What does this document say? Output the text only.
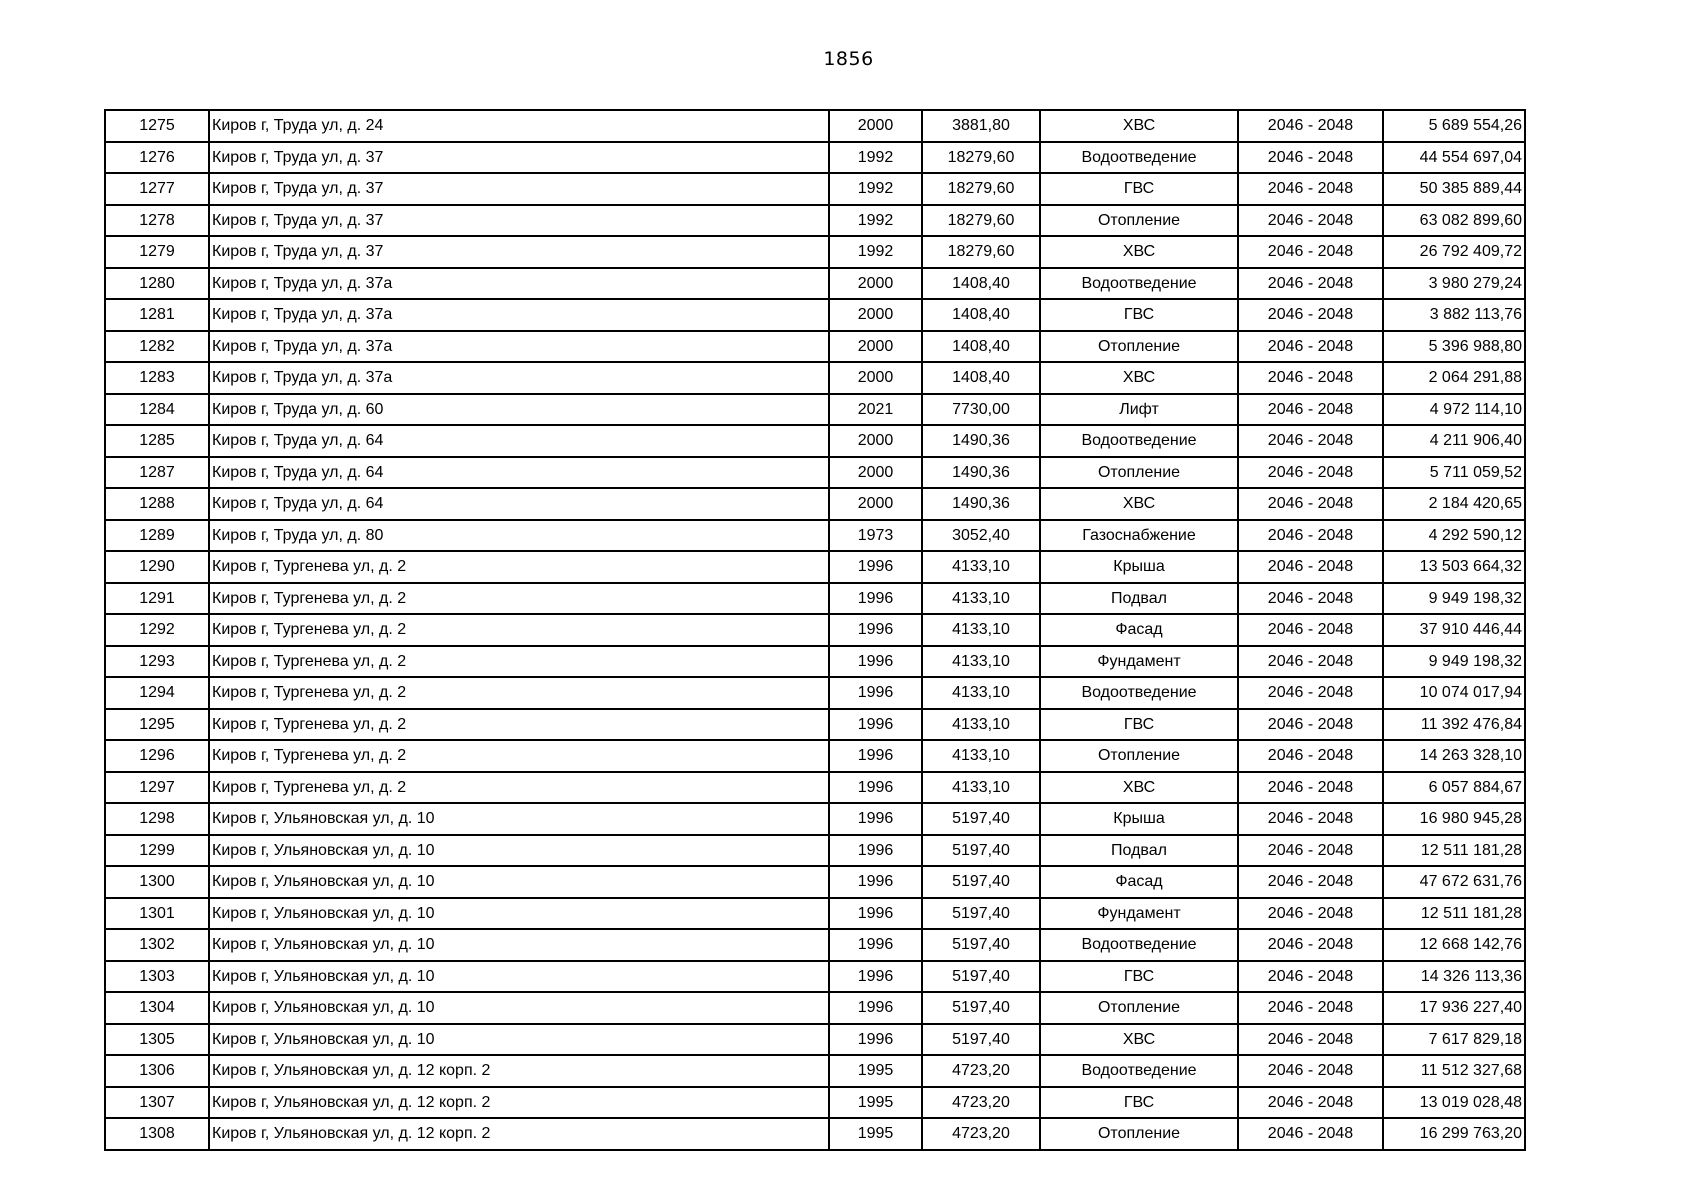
1856
1275	Киров г, Труда ул, д. 24	2000	3881,80	ХВС	2046 - 2048	5 689 554,26
1276	Киров г, Труда ул, д. 37	1992	18279,60	Водоотведение	2046 - 2048	44 554 697,04
1277	Киров г, Труда ул, д. 37	1992	18279,60	ГВС	2046 - 2048	50 385 889,44
1278	Киров г, Труда ул, д. 37	1992	18279,60	Отопление	2046 - 2048	63 082 899,60
1279	Киров г, Труда ул, д. 37	1992	18279,60	ХВС	2046 - 2048	26 792 409,72
1280	Киров г, Труда ул, д. 37а	2000	1408,40	Водоотведение	2046 - 2048	3 980 279,24
1281	Киров г, Труда ул, д. 37а	2000	1408,40	ГВС	2046 - 2048	3 882 113,76
1282	Киров г, Труда ул, д. 37а	2000	1408,40	Отопление	2046 - 2048	5 396 988,80
1283	Киров г, Труда ул, д. 37а	2000	1408,40	ХВС	2046 - 2048	2 064 291,88
1284	Киров г, Труда ул, д. 60	2021	7730,00	Лифт	2046 - 2048	4 972 114,10
1285	Киров г, Труда ул, д. 64	2000	1490,36	Водоотведение	2046 - 2048	4 211 906,40
1287	Киров г, Труда ул, д. 64	2000	1490,36	Отопление	2046 - 2048	5 711 059,52
1288	Киров г, Труда ул, д. 64	2000	1490,36	ХВС	2046 - 2048	2 184 420,65
1289	Киров г, Труда ул, д. 80	1973	3052,40	Газоснабжение	2046 - 2048	4 292 590,12
1290	Киров г, Тургенева ул, д. 2	1996	4133,10	Крыша	2046 - 2048	13 503 664,32
1291	Киров г, Тургенева ул, д. 2	1996	4133,10	Подвал	2046 - 2048	9 949 198,32
1292	Киров г, Тургенева ул, д. 2	1996	4133,10	Фасад	2046 - 2048	37 910 446,44
1293	Киров г, Тургенева ул, д. 2	1996	4133,10	Фундамент	2046 - 2048	9 949 198,32
1294	Киров г, Тургенева ул, д. 2	1996	4133,10	Водоотведение	2046 - 2048	10 074 017,94
1295	Киров г, Тургенева ул, д. 2	1996	4133,10	ГВС	2046 - 2048	11 392 476,84
1296	Киров г, Тургенева ул, д. 2	1996	4133,10	Отопление	2046 - 2048	14 263 328,10
1297	Киров г, Тургенева ул, д. 2	1996	4133,10	ХВС	2046 - 2048	6 057 884,67
1298	Киров г, Ульяновская ул, д. 10	1996	5197,40	Крыша	2046 - 2048	16 980 945,28
1299	Киров г, Ульяновская ул, д. 10	1996	5197,40	Подвал	2046 - 2048	12 511 181,28
1300	Киров г, Ульяновская ул, д. 10	1996	5197,40	Фасад	2046 - 2048	47 672 631,76
1301	Киров г, Ульяновская ул, д. 10	1996	5197,40	Фундамент	2046 - 2048	12 511 181,28
1302	Киров г, Ульяновская ул, д. 10	1996	5197,40	Водоотведение	2046 - 2048	12 668 142,76
1303	Киров г, Ульяновская ул, д. 10	1996	5197,40	ГВС	2046 - 2048	14 326 113,36
1304	Киров г, Ульяновская ул, д. 10	1996	5197,40	Отопление	2046 - 2048	17 936 227,40
1305	Киров г, Ульяновская ул, д. 10	1996	5197,40	ХВС	2046 - 2048	7 617 829,18
1306	Киров г, Ульяновская ул, д. 12 корп. 2	1995	4723,20	Водоотведение	2046 - 2048	11 512 327,68
1307	Киров г, Ульяновская ул, д. 12 корп. 2	1995	4723,20	ГВС	2046 - 2048	13 019 028,48
1308	Киров г, Ульяновская ул, д. 12 корп. 2	1995	4723,20	Отопление	2046 - 2048	16 299 763,20
